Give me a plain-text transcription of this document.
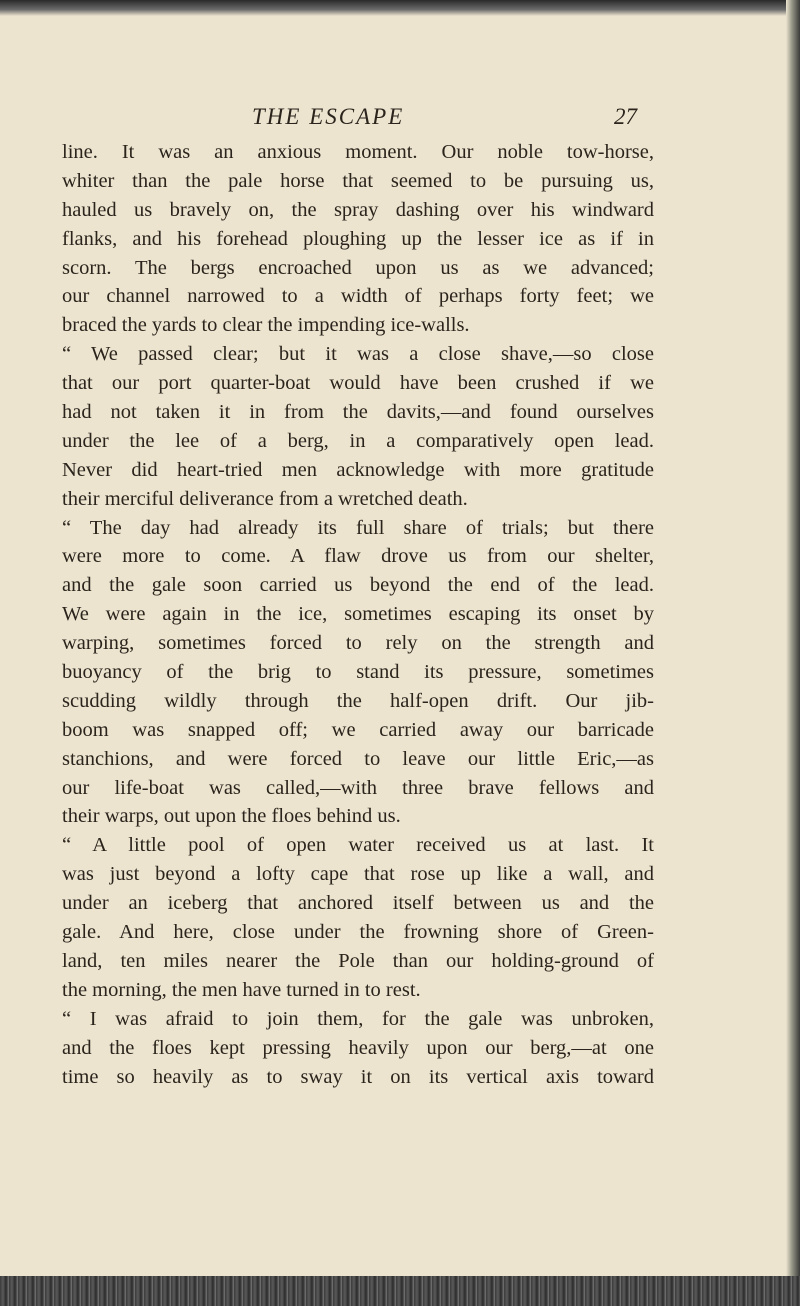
THE ESCAPE	27
line. It was an anxious moment. Our noble tow-horse,
whiter than the pale horse that seemed to be pursuing us,
hauled us bravely on, the spray dashing over his windward
flanks, and his forehead ploughing up the lesser ice as if in
scorn. The bergs encroached upon us as we advanced;
our channel narrowed to a width of perhaps forty feet; we
braced the yards to clear the impending ice-walls.
“ We passed clear; but it was a close shave,—so close
that our port quarter-boat would have been crushed if we
had not taken it in from the davits,—and found ourselves
under the lee of a berg, in a comparatively open lead.
Never did heart-tried men acknowledge with more gratitude
their merciful deliverance from a wretched death.
“ The day had already its full share of trials; but there
were more to come. A flaw drove us from our shelter,
and the gale soon carried us beyond the end of the lead.
We were again in the ice, sometimes escaping its onset by
warping, sometimes forced to rely on the strength and
buoyancy of the brig to stand its pressure, sometimes
scudding wildly through the half-open drift. Our jib-
boom was snapped off; we carried away our barricade
stanchions, and were forced to leave our little Eric,—as
our life-boat was called,—with three brave fellows and
their warps, out upon the floes behind us.
“ A little pool of open water received us at last. It
was just beyond a lofty cape that rose up like a wall, and
under an iceberg that anchored itself between us and the
gale. And here, close under the frowning shore of Green-
land, ten miles nearer the Pole than our holding-ground of
the morning, the men have turned in to rest.
“ I was afraid to join them, for the gale was unbroken,
and the floes kept pressing heavily upon our berg,—at one
time so heavily as to sway it on its vertical axis toward
